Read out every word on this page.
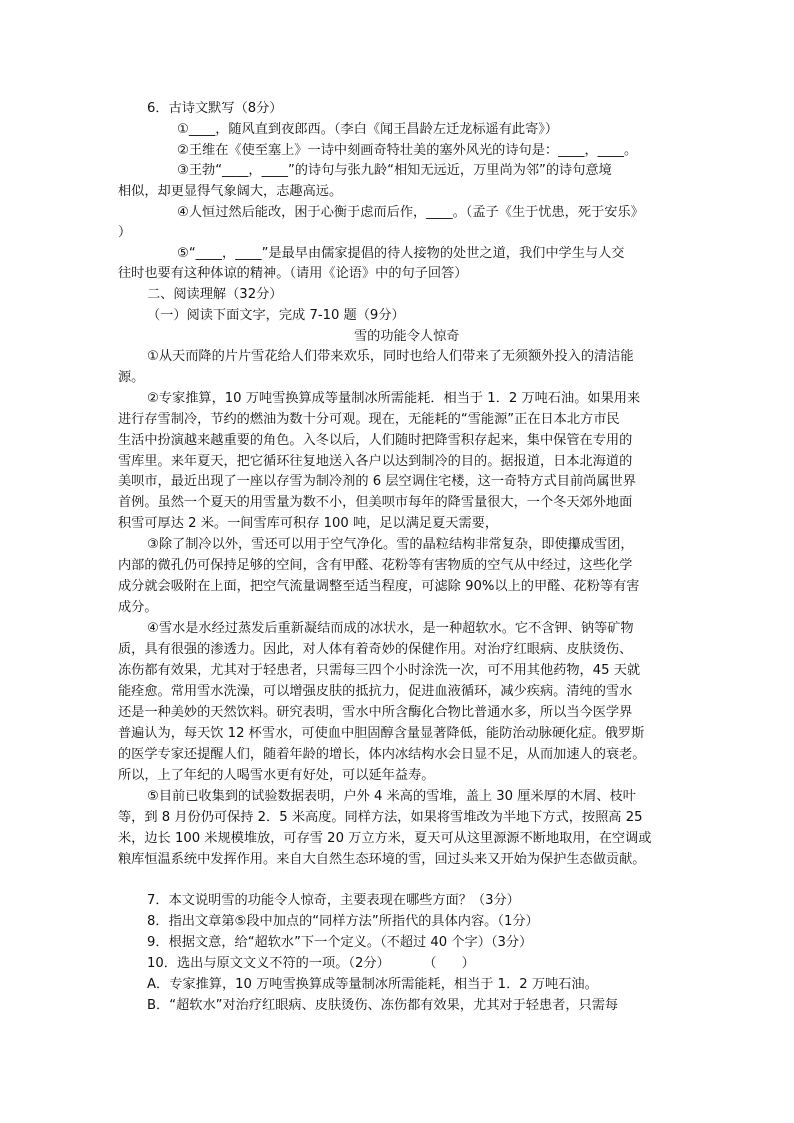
6．古诗文默写（8分）
①____，随风直到夜郎西。（李白《闻王昌龄左迁龙标遥有此寄》）
②王维在《使至塞上》一诗中刻画奇特壮美的塞外风光的诗句是：____，____。
③王勃“____，____”的诗句与张九龄“相知无远近，万里尚为邻”的诗句意境
相似，却更显得气象阔大，志趣高远。
④人恒过然后能改，困于心衡于虑而后作，____。（孟子《生于忧患，死于安乐》
）
⑤“____，____”是最早由儒家提倡的待人接物的处世之道，我们中学生与人交
往时也要有这种体谅的精神。（请用《论语》中的句子回答）
二、阅读理解（32分）
（一）阅读下面文字，完成 7-10 题（9分）
雪的功能令人惊奇
①从天而降的片片雪花给人们带来欢乐，同时也给人们带来了无须额外投入的清洁能
源。
②专家推算，10 万吨雪换算成等量制冰所需能耗．相当于 1．2 万吨石油。如果用来
进行存雪制冷，节约的燃油为数十分可观。现在，无能耗的“雪能源”正在日本北方市民
生活中扮演越来越重要的角色。入冬以后，人们随时把降雪积存起来，集中保管在专用的
雪库里。来年夏天，把它循环往复地送入各户以达到制冷的目的。据报道，日本北海道的
美呗市，最近出现了一座以存雪为制冷剂的 6 层空调住宅楼，这一奇特方式目前尚属世界
首例。虽然一个夏天的用雪量为数不小，但美呗市每年的降雪量很大，一个冬天郊外地面
积雪可厚达 2 米。一间雪库可积存 100 吨，足以满足夏天需要，
③除了制冷以外，雪还可以用于空气净化。雪的晶粒结构非常复杂，即使攥成雪团，
内部的微孔仍可保持足够的空间，含有甲醛、花粉等有害物质的空气从中经过，这些化学
成分就会吸附在上面，把空气流量调整至适当程度，可滤除 90%以上的甲醛、花粉等有害
成分。
④雪水是水经过蒸发后重新凝结而成的冰状水，是一种超软水。它不含钾、钠等矿物
质，具有很强的渗透力。因此，对人体有着奇妙的保健作用。对治疗红眼病、皮肤烫伤、
冻伤都有效果，尤其对于轻患者，只需每三四个小时涂洗一次，可不用其他药物，45 天就
能痊愈。常用雪水洗澡，可以增强皮肤的抵抗力，促进血液循环，减少疾病。清纯的雪水
还是一种美妙的天然饮料。研究表明，雪水中所含酶化合物比普通水多，所以当今医学界
普遍认为，每天饮 12 杯雪水，可使血中胆固醇含量显著降低，能防治动脉硬化症。俄罗斯
的医学专家还提醒人们，随着年龄的增长，体内冰结构水会日显不足，从而加速人的衰老。
所以，上了年纪的人喝雪水更有好处，可以延年益寿。
⑤目前已收集到的试验数据表明，户外 4 米高的雪堆，盖上 30 厘米厚的木屑、枝叶
等，到 8 月份仍可保持 2．5 米高度。同样方法，如果将雪堆改为半地下方式，按照高 25
米，边长 100 米规模堆放，可存雪 20 万立方米，夏天可从这里源源不断地取用，在空调或
粮库恒温系统中发挥作用。来自大自然生态环境的雪，回过头来又开始为保护生态做贡献。
7．本文说明雪的功能令人惊奇，主要表现在哪些方面？（3分）
8．指出文章第⑤段中加点的“同样方法”所指代的具体内容。（1分）
9．根据文意，给“超软水”下一个定义。（不超过 40 个字）（3分）
10．选出与原文文义不符的一项。（2分）        （      ）
A．专家推算，10 万吨雪换算成等量制冰所需能耗，相当于 1．2 万吨石油。
B．“超软水”对治疗红眼病、皮肤烫伤、冻伤都有效果，尤其对于轻患者，只需每
